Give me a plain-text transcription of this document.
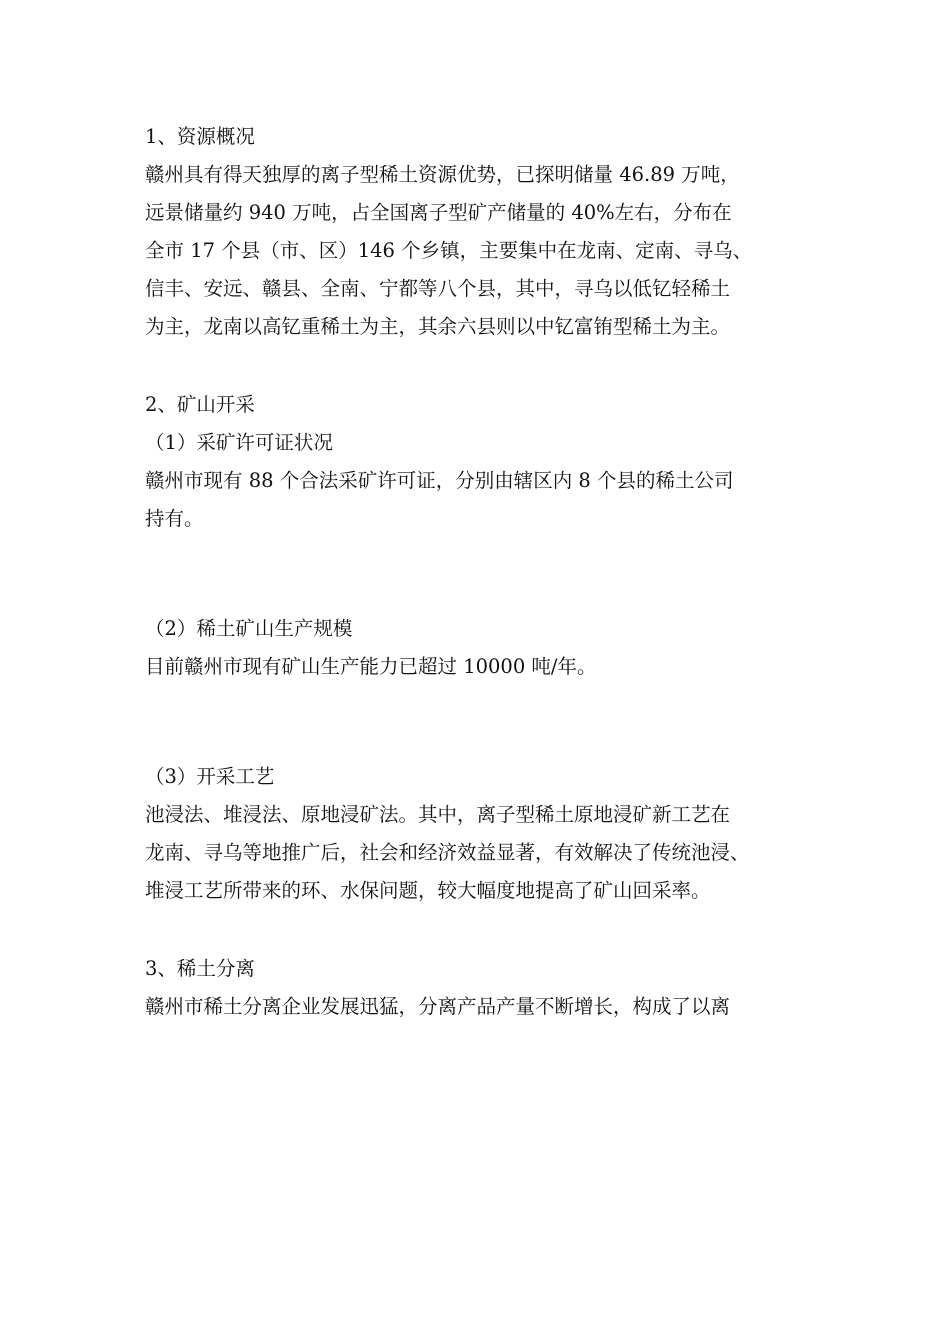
1、资源概况

赣州具有得天独厚的离子型稀土资源优势，已探明储量 46.89 万吨，

远景储量约 940 万吨，占全国离子型矿产储量的 40%左右，分布在

全市 17 个县（市、区）146 个乡镇，主要集中在龙南、定南、寻乌、

信丰、安远、赣县、全南、宁都等八个县，其中，寻乌以低钇轻稀土

为主，龙南以高钇重稀土为主，其余六县则以中钇富铕型稀土为主。

2、矿山开采

（1）采矿许可证状况

赣州市现有 88 个合法采矿许可证，分别由辖区内 8 个县的稀土公司

持有。

（2）稀土矿山生产规模

目前赣州市现有矿山生产能力已超过 10000 吨/年。

（3）开采工艺

池浸法、堆浸法、原地浸矿法。其中，离子型稀土原地浸矿新工艺在

龙南、寻乌等地推广后，社会和经济效益显著，有效解决了传统池浸、

堆浸工艺所带来的环、水保问题，较大幅度地提高了矿山回采率。

3、稀土分离

赣州市稀土分离企业发展迅猛，分离产品产量不断增长，构成了以离
